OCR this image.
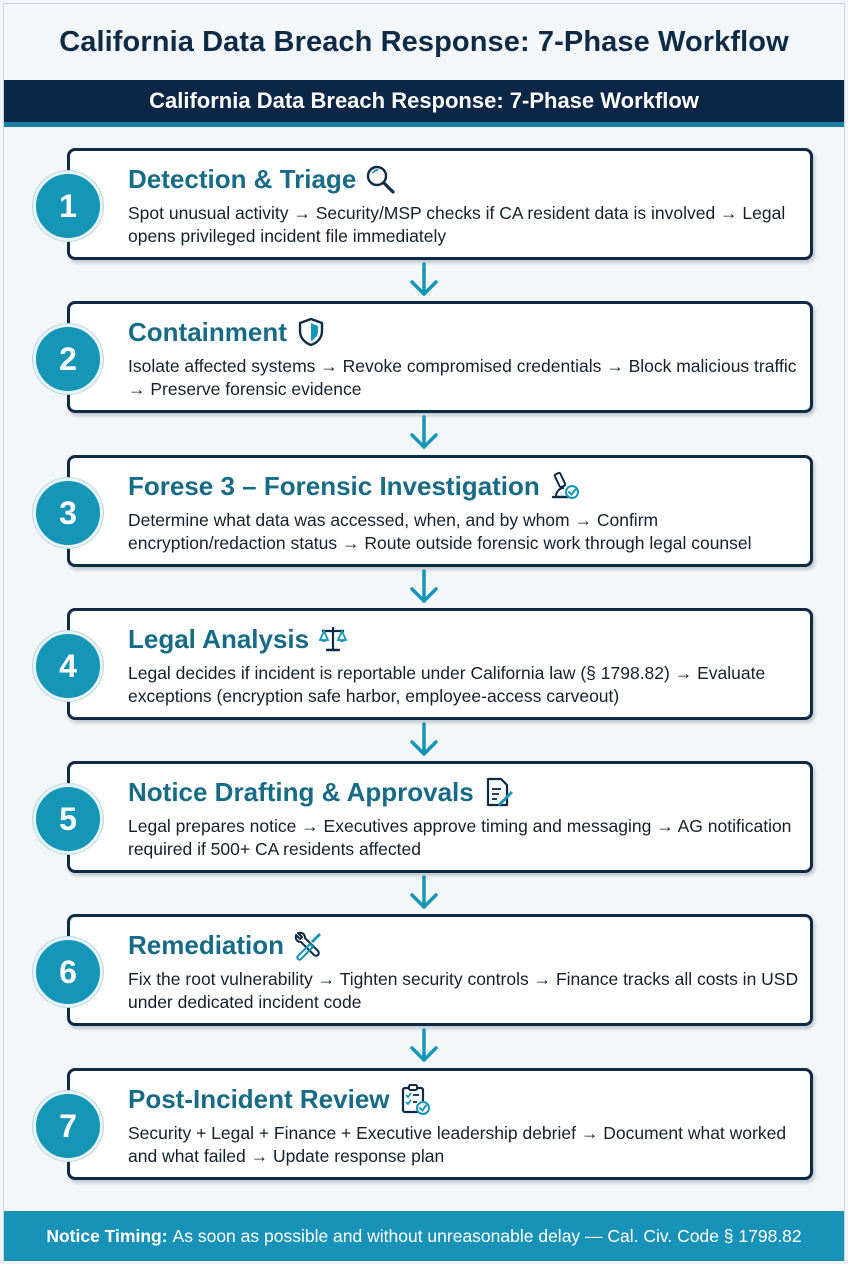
California Data Breach Response: 7-Phase Workflow
California Data Breach Response: 7-Phase Workflow
Detection & Triage

Spot unusual activity → Security/MSP checks if CA resident data is involved → Legal opens privileged incident file immediately

1
Containment

Isolate affected systems → Revoke compromised credentials → Block malicious traffic → Preserve forensic evidence

2
Forese 3 – Forensic Investigation

Determine what data was accessed, when, and by whom → Confirm encryption/redaction status → Route outside forensic work through legal counsel

3
Legal Analysis

Legal decides if incident is reportable under California law (§ 1798.82) → Evaluate exceptions (encryption safe harbor, employee-access carveout)

4
Notice Drafting & Approvals

Legal prepares notice → Executives approve timing and messaging → AG notification required if 500+ CA residents affected

5
Remediation

Fix the root vulnerability → Tighten security controls → Finance tracks all costs in USD under dedicated incident code

6
Post-Incident Review

Security + Legal + Finance + Executive leadership debrief → Document what worked and what failed → Update response plan

7
Notice Timing: As soon as possible and without unreasonable delay — Cal. Civ. Code § 1798.82
